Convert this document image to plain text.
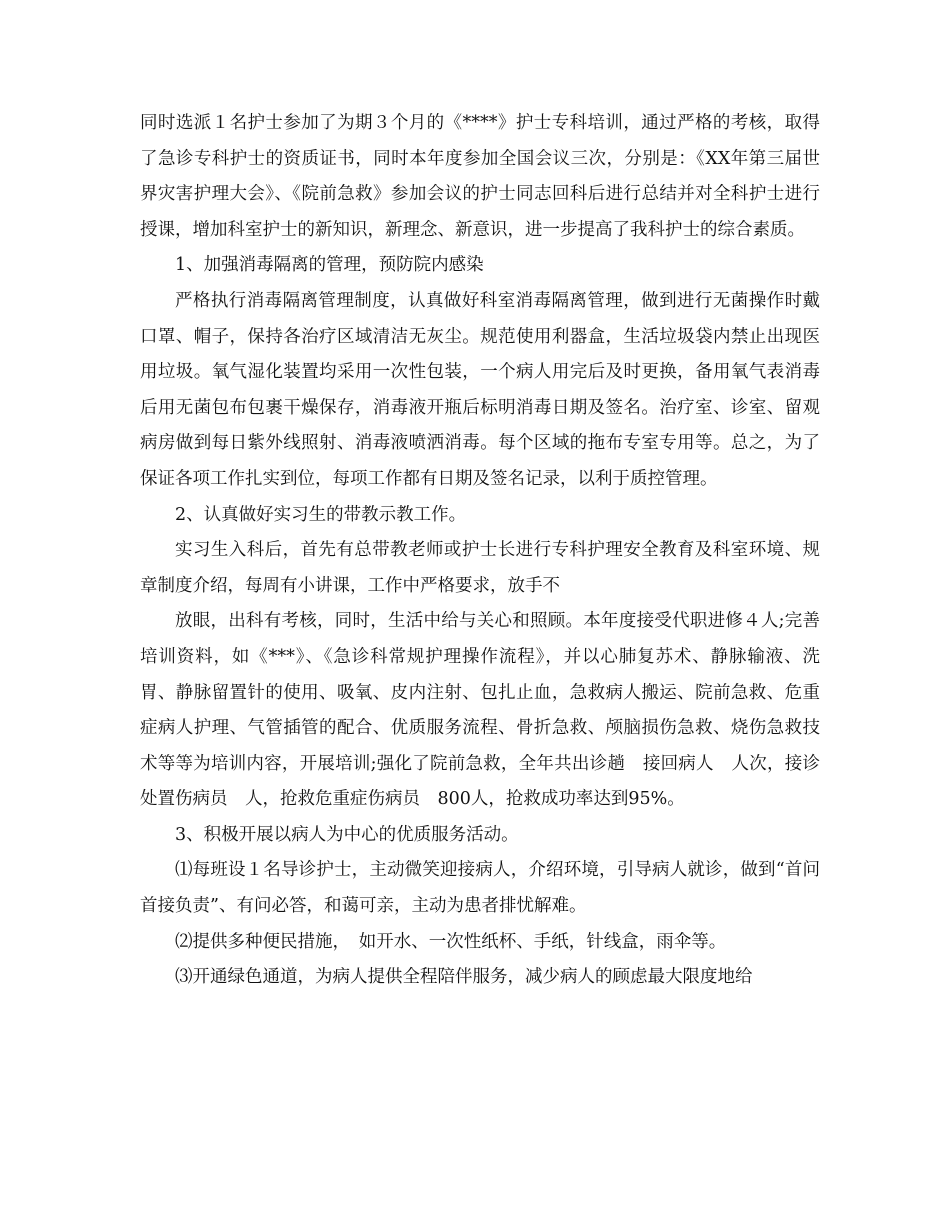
同时选派１名护士参加了为期３个月的《****》护士专科培训，通过严格的考核，取得了急诊专科护士的资质证书，同时本年度参加全国会议三次，分别是：《XX年第三届世界灾害护理大会》、《院前急救》参加会议的护士同志回科后进行总结并对全科护士进行授课，增加科室护士的新知识，新理念、新意识，进一步提高了我科护士的综合素质。

1、加强消毒隔离的管理，预防院内感染

严格执行消毒隔离管理制度，认真做好科室消毒隔离管理，做到进行无菌操作时戴口罩、帽子，保持各治疗区域清洁无灰尘。规范使用利器盒，生活垃圾袋内禁止出现医用垃圾。氧气湿化装置均采用一次性包装，一个病人用完后及时更换，备用氧气表消毒后用无菌包布包裹干燥保存，消毒液开瓶后标明消毒日期及签名。治疗室、诊室、留观病房做到每日紫外线照射、消毒液喷洒消毒。每个区域的拖布专室专用等。总之，为了保证各项工作扎实到位，每项工作都有日期及签名记录，以利于质控管理。

2、认真做好实习生的带教示教工作。

实习生入科后，首先有总带教老师或护士长进行专科护理安全教育及科室环境、规章制度介绍，每周有小讲课，工作中严格要求，放手不

放眼，出科有考核，同时，生活中给与关心和照顾。本年度接受代职进修４人;完善培训资料，如《***》、《急诊科常规护理操作流程》，并以心肺复苏术、静脉输液、洗胃、静脉留置针的使用、吸氧、皮内注射、包扎止血，急救病人搬运、院前急救、危重症病人护理、气管插管的配合、优质服务流程、骨折急救、颅脑损伤急救、烧伤急救技术等等为培训内容，开展培训;强化了院前急救，全年共出诊趟　接回病人　人次，接诊处置伤病员　人，抢救危重症伤病员　800人，抢救成功率达到95%。

3、积极开展以病人为中心的优质服务活动。

⑴每班设１名导诊护士，主动微笑迎接病人，介绍环境，引导病人就诊，做到“首问首接负责”、有问必答，和蔼可亲，主动为患者排忧解难。

⑵提供多种便民措施，　如开水、一次性纸杯、手纸，针线盒，雨伞等。

⑶开通绿色通道，为病人提供全程陪伴服务，减少病人的顾虑最大限度地给
